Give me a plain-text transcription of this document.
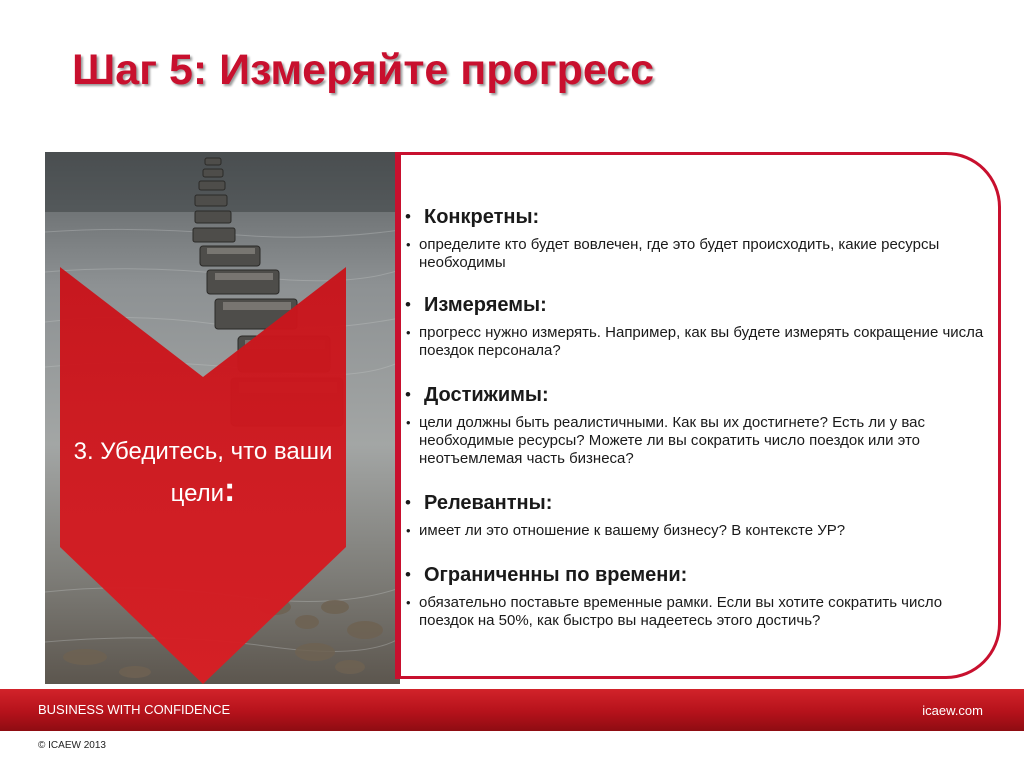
Шаг 5: Измеряйте прогресс
3. Убедитесь, что ваши цели:
• Конкретны:
• определите кто будет вовлечен, где это будет происходить, какие ресурсы необходимы
• Измеряемы:
• прогресс нужно измерять. Например, как вы будете измерять сокращение числа поездок персонала?
• Достижимы:
• цели должны быть реалистичными. Как вы их достигнете? Есть ли у вас необходимые ресурсы? Можете ли вы сократить число поездок или это неотъемлемая часть бизнеса?
• Релевантны:
• имеет ли это отношение к вашему бизнесу? В контексте УР?
• Ограниченны по времени:
• обязательно поставьте временные рамки. Если вы хотите сократить число поездок на 50%, как быстро вы надеетесь этого достичь?
BUSINESS WITH CONFIDENCE	icaew.com
© ICAEW 2013
